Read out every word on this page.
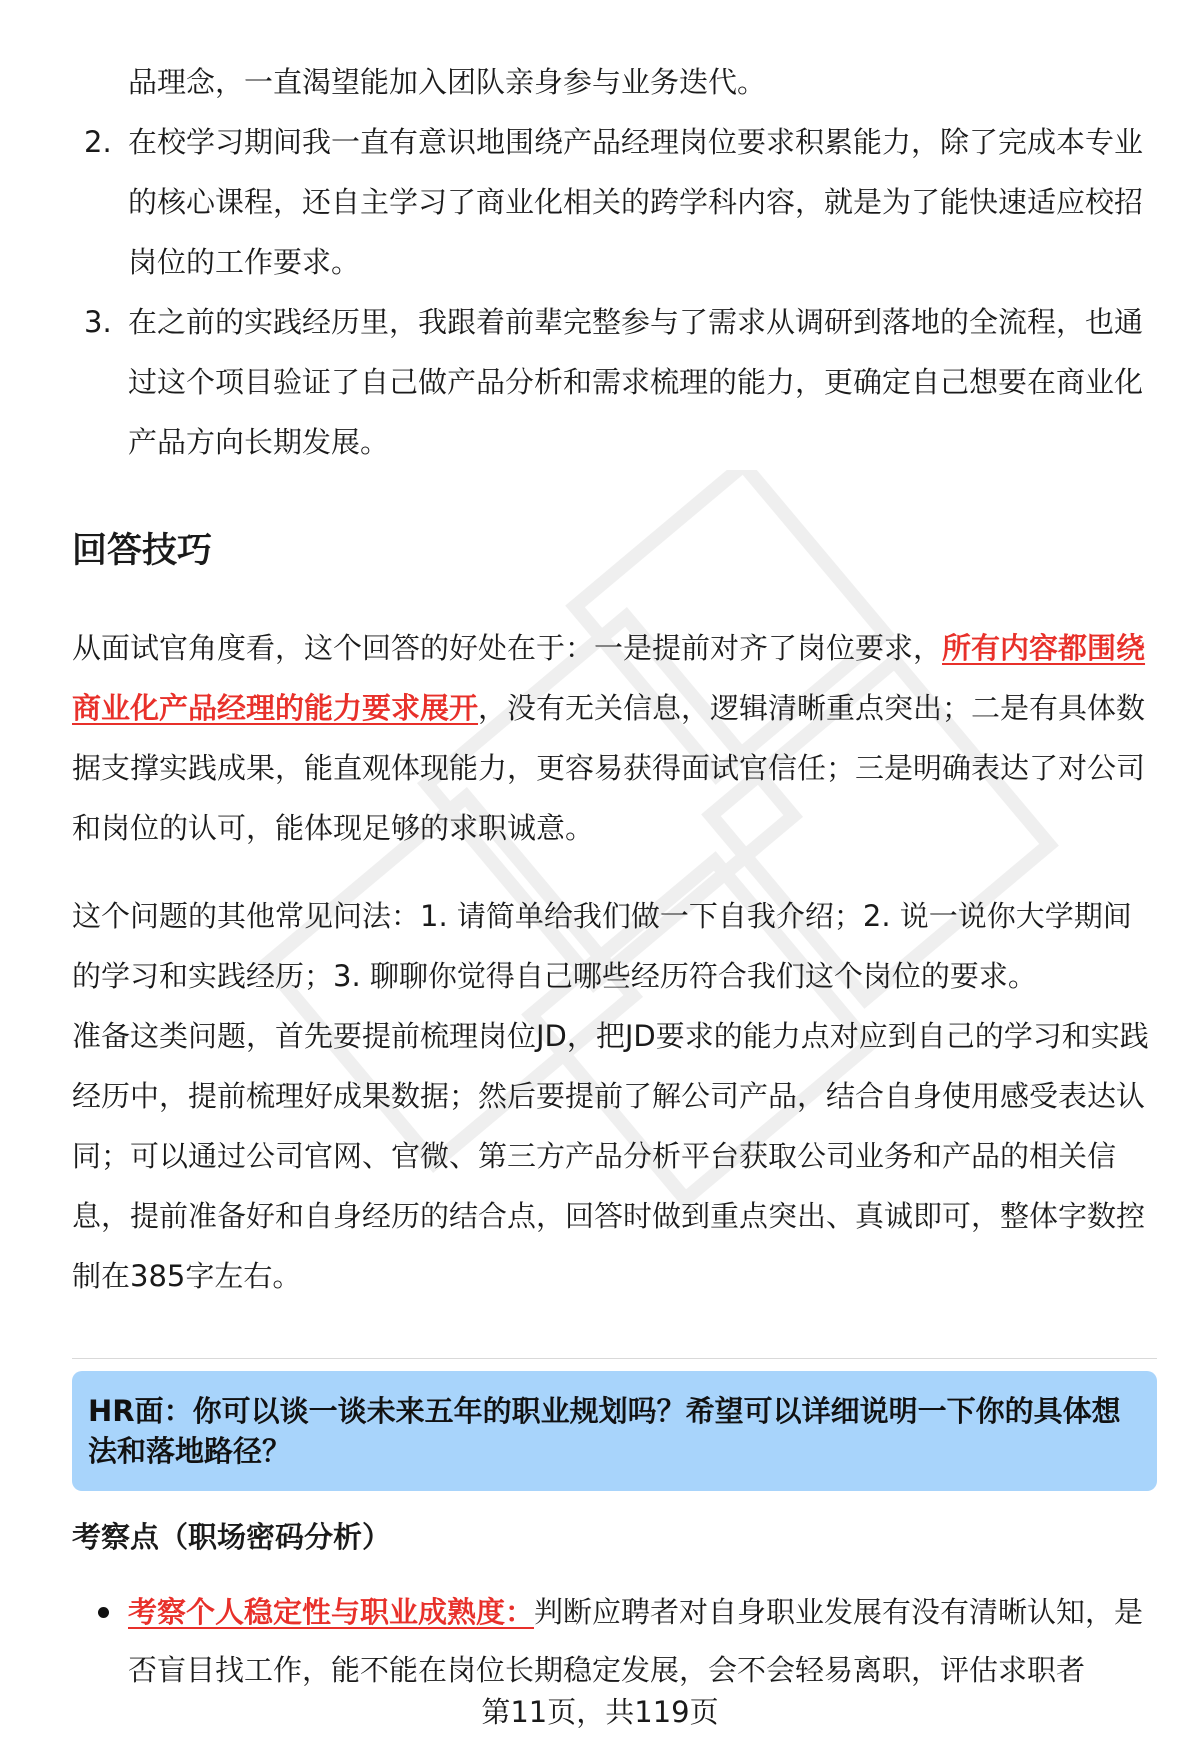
品理念，一直渴望能加入团队亲身参与业务迭代。
2. 在校学习期间我一直有意识地围绕产品经理岗位要求积累能力，除了完成本专业的核心课程，还自主学习了商业化相关的跨学科内容，就是为了能快速适应校招岗位的工作要求。
3. 在之前的实践经历里，我跟着前辈完整参与了需求从调研到落地的全流程，也通过这个项目验证了自己做产品分析和需求梳理的能力，更确定自己想要在商业化产品方向长期发展。
回答技巧

从面试官角度看，这个回答的好处在于：一是提前对齐了岗位要求，所有内容都围绕商业化产品经理的能力要求展开，没有无关信息，逻辑清晰重点突出；二是有具体数据支撑实践成果，能直观体现能力，更容易获得面试官信任；三是明确表达了对公司和岗位的认可，能体现足够的求职诚意。

这个问题的其他常见问法：1. 请简单给我们做一下自我介绍；2. 说一说你大学期间的学习和实践经历；3. 聊聊你觉得自己哪些经历符合我们这个岗位的要求。

准备这类问题，首先要提前梳理岗位JD，把JD要求的能力点对应到自己的学习和实践经历中，提前梳理好成果数据；然后要提前了解公司产品，结合自身使用感受表达认同；可以通过公司官网、官微、第三方产品分析平台获取公司业务和产品的相关信息，提前准备好和自身经历的结合点，回答时做到重点突出、真诚即可，整体字数控制在385字左右。

HR面：你可以谈一谈未来五年的职业规划吗？希望可以详细说明一下你的具体想法和落地路径？
考察点（职场密码分析）
考察个人稳定性与职业成熟度：判断应聘者对自身职业发展有没有清晰认知，是否盲目找工作，能不能在岗位长期稳定发展，会不会轻易离职，评估求职者
第11页，共119页
